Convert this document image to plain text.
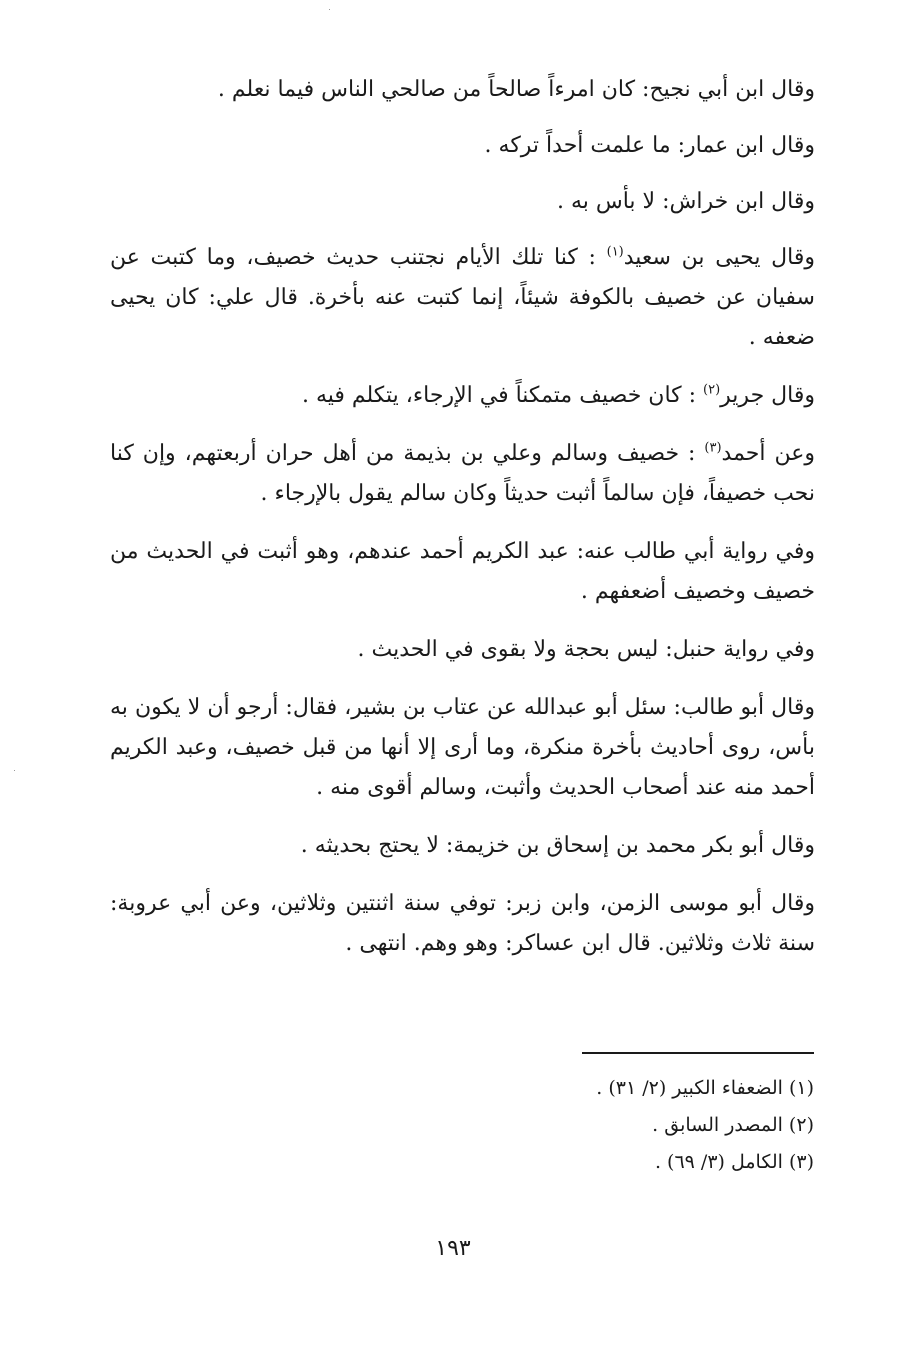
وقال ابن أبي نجيح: كان امرءاً صالحاً من صالحي الناس فيما نعلم .

وقال ابن عمار: ما علمت أحداً تركه .

وقال ابن خراش: لا بأس به .

وقال يحيى بن سعيد$^{(١)}$ : كنا تلك الأيام نجتنب حديث خصيف، وما كتبت عن سفيان عن خصيف بالكوفة شيئاً، إنما كتبت عنه بأخرة. قال علي: كان يحيى ضعفه .

وقال جرير$^{(٢)}$ : كان خصيف متمكناً في الإرجاء، يتكلم فيه .

وعن أحمد$^{(٣)}$ : خصيف وسالم وعلي بن بذيمة من أهل حران أربعتهم، وإن كنا نحب خصيفاً، فإن سالماً أثبت حديثاً وكان سالم يقول بالإرجاء .

وفي رواية أبي طالب عنه: عبد الكريم أحمد عندهم، وهو أثبت في الحديث من خصيف وخصيف أضعفهم .

وفي رواية حنبل: ليس بحجة ولا بقوى في الحديث .

وقال أبو طالب: سئل أبو عبدالله عن عتاب بن بشير، فقال: أرجو أن لا يكون به بأس، روى أحاديث بأخرة منكرة، وما أرى إلا أنها من قبل خصيف، وعبد الكريم أحمد منه عند أصحاب الحديث وأثبت، وسالم أقوى منه .

وقال أبو بكر محمد بن إسحاق بن خزيمة: لا يحتج بحديثه .

وقال أبو موسى الزمن، وابن زبر: توفي سنة اثنتين وثلاثين، وعن أبي عروبة: سنة ثلاث وثلاثين. قال ابن عساكر: وهو وهم. انتهى .

(١) الضعفاء الكبير (٢/ ٣١) .

(٢) المصدر السابق .

(٣) الكامل (٣/ ٦٩) .

١٩٣
